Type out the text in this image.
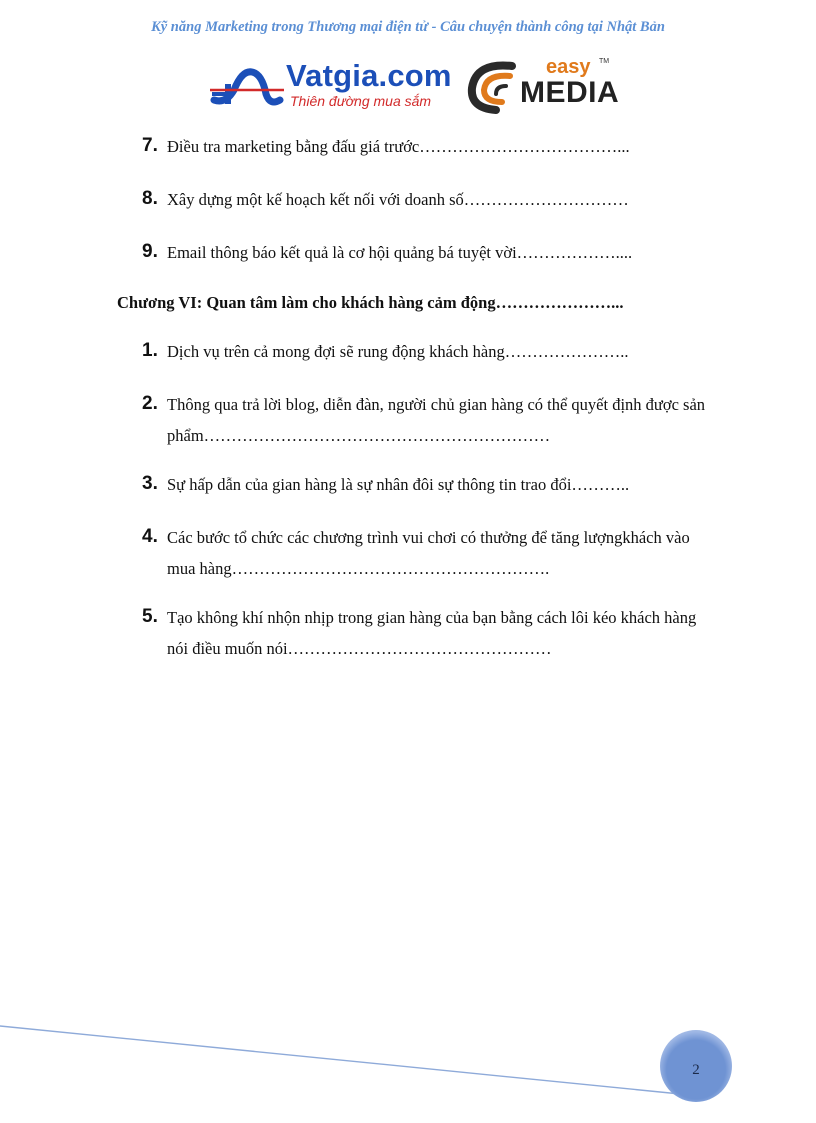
Kỹ năng Marketing trong Thương mại điện tử - Câu chuyện thành công tại Nhật Bản
Vatgia.com
Thiên đường mua sắm
easy TM
MEDIA
7. Điều tra marketing bằng đấu giá trước………………………………...
8. Xây dựng một kế hoạch kết nối với doanh số…………………………
9. Email thông báo kết quả là cơ hội quảng bá tuyệt vời………………....
Chương VI: Quan tâm làm cho khách hàng cảm động…………………...
1. Dịch vụ trên cả mong đợi sẽ rung động khách hàng…………………..
2. Thông qua trả lời blog, diễn đàn, người chủ gian hàng có thể quyết định được sản phẩm………………………………………………………
3. Sự hấp dẫn của gian hàng là sự nhân đôi sự thông tin trao đổi………..
4. Các bước tổ chức các chương trình vui chơi có thưởng để tăng lượngkhách vào mua hàng………………………………………………….
5. Tạo không khí nhộn nhịp trong gian hàng của bạn bằng cách lôi kéo khách hàng nói điều muốn nói…………………………………………
2
